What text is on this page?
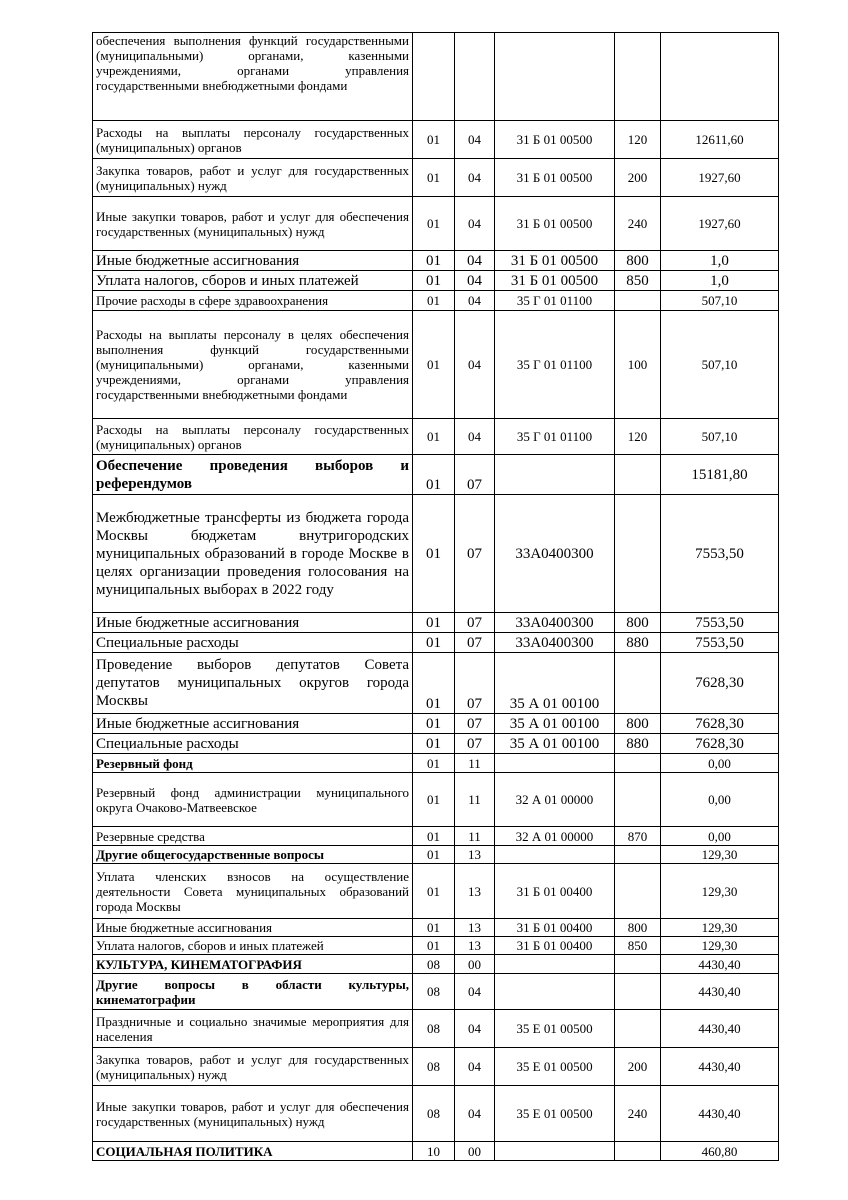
обеспечения выполнения функций государственными (муниципальными) органами, казенными учреждениями, органами управления государственными внебюджетными фондами					
Расходы на выплаты персоналу государственных (муниципальных) органов	01	04	31 Б 01 00500	120	12611,60
Закупка товаров, работ и услуг для государственных (муниципальных) нужд	01	04	31 Б 01 00500	200	1927,60
Иные закупки товаров, работ и услуг для обеспечения государственных (муниципальных) нужд	01	04	31 Б 01 00500	240	1927,60
Иные бюджетные ассигнования	01	04	31 Б 01 00500	800	1,0
Уплата налогов, сборов и иных платежей	01	04	31 Б 01 00500	850	1,0
Прочие расходы в сфере здравоохранения	01	04	35 Г 01 01100		507,10
Расходы на выплаты персоналу в целях обеспечения выполнения функций государственными (муниципальными) органами, казенными учреждениями, органами управления государственными внебюджетными фондами	01	04	35 Г 01 01100	100	507,10
Расходы на выплаты персоналу государственных (муниципальных) органов	01	04	35 Г 01 01100	120	507,10
Обеспечение проведения выборов и референдумов	01	07			15181,80
Межбюджетные трансферты из бюджета города Москвы бюджетам внутригородских муниципальных образований в городе Москве в целях организации проведения голосования на муниципальных выборах в 2022 году	01	07	33А0400300		7553,50
Иные бюджетные ассигнования	01	07	33А0400300	800	7553,50
Специальные расходы	01	07	33А0400300	880	7553,50
Проведение выборов депутатов Совета депутатов муниципальных округов города Москвы	01	07	35 А 01 00100		7628,30
Иные бюджетные ассигнования	01	07	35 А 01 00100	800	7628,30
Специальные расходы	01	07	35 А 01 00100	880	7628,30
Резервный фонд	01	11			0,00
Резервный фонд администрации муниципального округа Очаково-Матвеевское	01	11	32 А 01 00000		0,00
Резервные средства	01	11	32 А 01 00000	870	0,00
Другие общегосударственные вопросы	01	13			129,30
Уплата членских взносов на осуществление деятельности Совета муниципальных образований города Москвы	01	13	31 Б 01 00400		129,30
Иные бюджетные ассигнования	01	13	31 Б 01 00400	800	129,30
Уплата налогов, сборов и иных платежей	01	13	31 Б 01 00400	850	129,30
КУЛЬТУРА, КИНЕМАТОГРАФИЯ	08	00			4430,40
Другие вопросы в области культуры, кинематографии	08	04			4430,40
Праздничные и социально значимые мероприятия для населения	08	04	35 Е 01 00500		4430,40
Закупка товаров, работ и услуг для государственных (муниципальных) нужд	08	04	35 Е 01 00500	200	4430,40
Иные закупки товаров, работ и услуг для обеспечения государственных (муниципальных) нужд	08	04	35 Е 01 00500	240	4430,40
СОЦИАЛЬНАЯ ПОЛИТИКА	10	00			460,80
